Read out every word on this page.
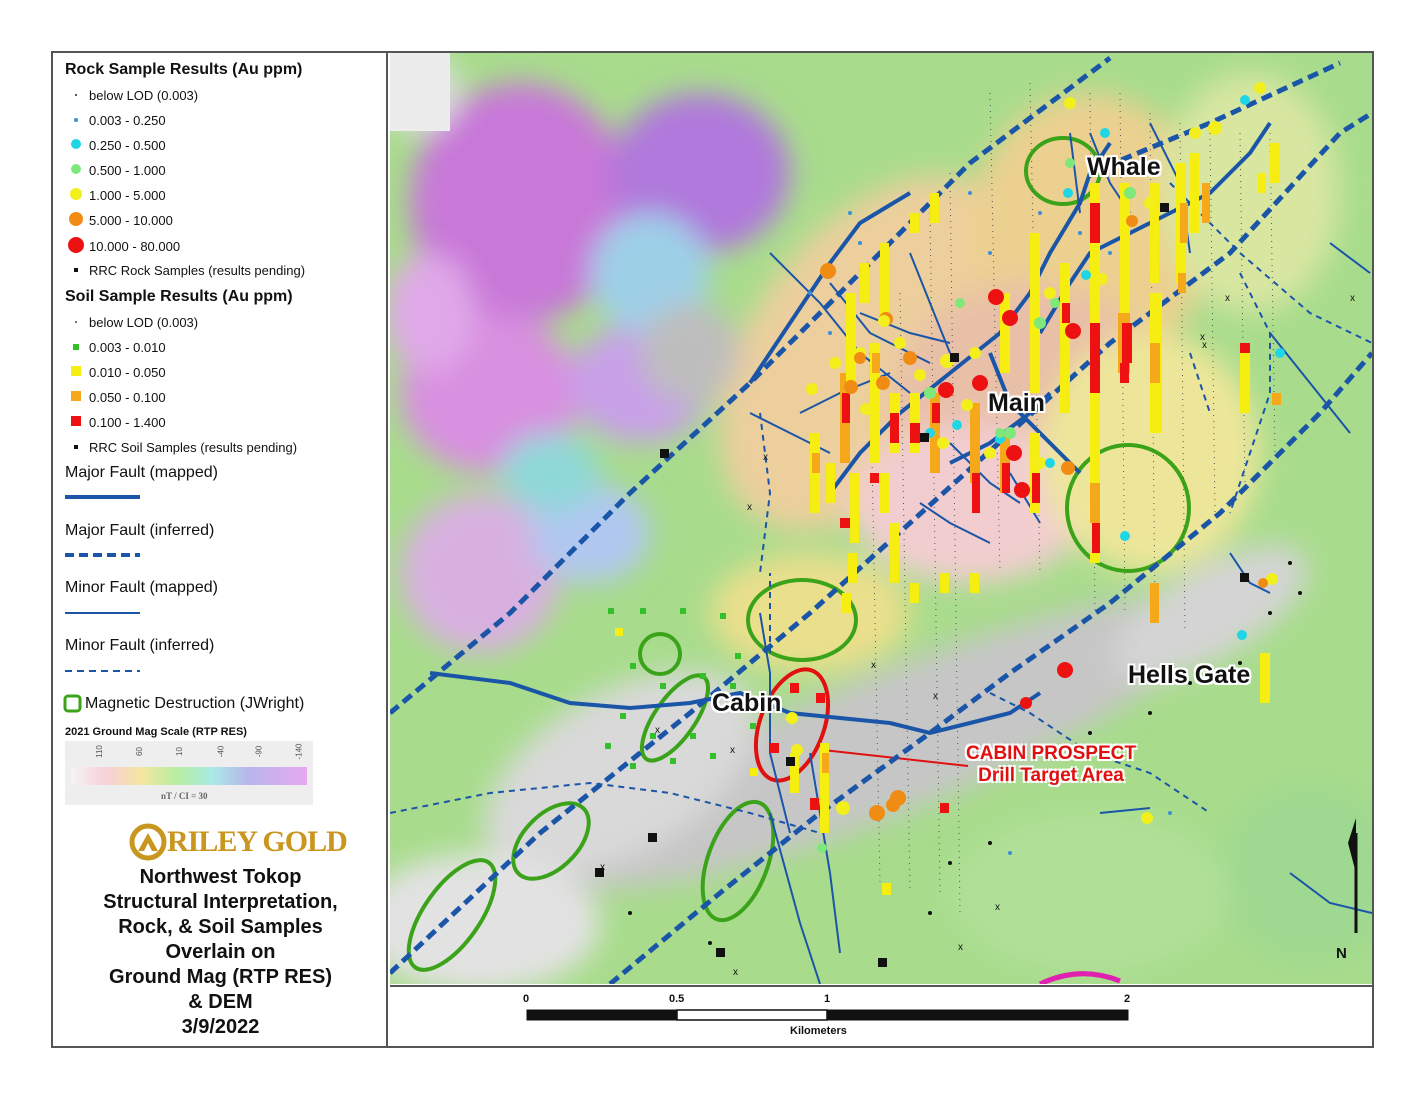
Rock Sample Results (Au ppm)
below LOD (0.003)
0.003 - 0.250
0.250 - 0.500
0.500 - 1.000
1.000 - 5.000
5.000 - 10.000
10.000 - 80.000
RRC Rock Samples (results pending)
Soil Sample Results (Au ppm)
below LOD (0.003)
0.003 - 0.010
0.010 - 0.050
0.050 - 0.100
0.100 - 1.400
RRC Soil Samples (results pending)
Major Fault (mapped)
Major Fault (inferred)
Minor Fault (mapped)
Minor Fault (inferred)
Magnetic Destruction (JWright)
2021 Ground Mag Scale (RTP RES)
110	60	10	-40	-90	-140
nT / CI = 30
RILEY GOLD
Northwest Tokop
Structural Interpretation,
Rock, & Soil Samples
Overlain on
Ground Mag (RTP RES)
& DEM
3/9/2022
x
x
x
x
x
x
x
x
x
x
x	x
x
x
Whale
Main
Cabin
Hells Gate
CABIN PROSPECT
Drill Target Area
N
0	0.5	1	2
Kilometers
